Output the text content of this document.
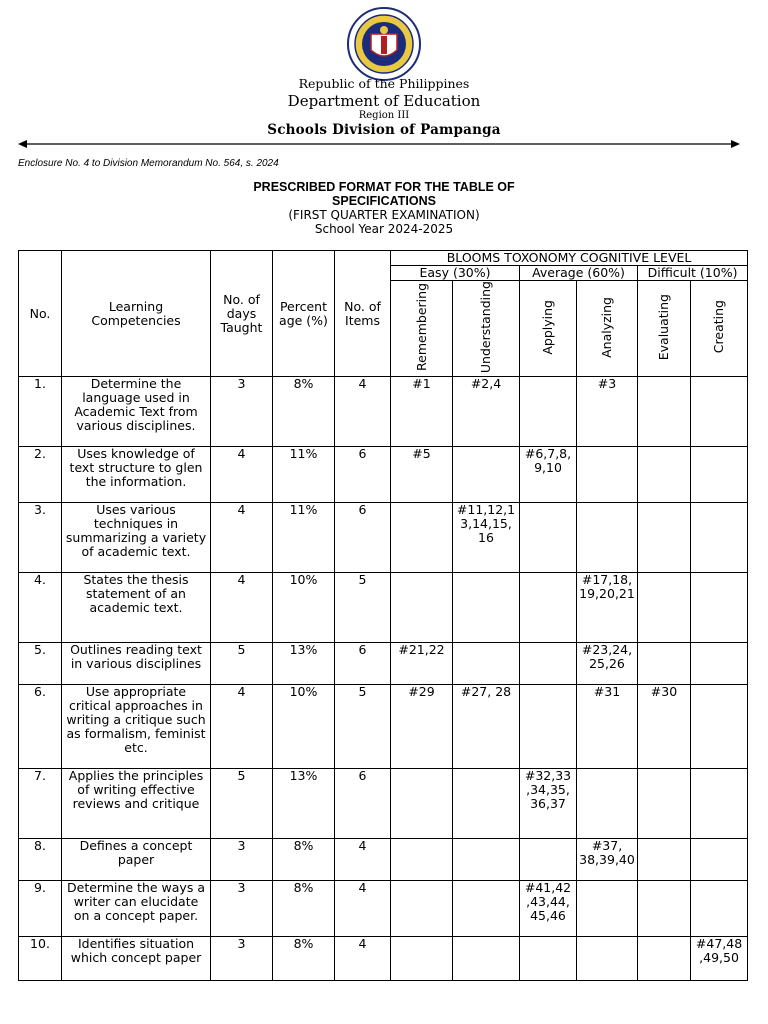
Republic of the Philippines
Department of Education
Region III
Schools Division of Pampanga
Enclosure No. 4 to Division Memorandum No. 564, s. 2024
PRESCRIBED FORMAT FOR THE TABLE OF
SPECIFICATIONS
(FIRST QUARTER EXAMINATION)
School Year 2024-2025
No.	Learning Competencies	No. of days Taught	Percent age (%)	No. of Items	BLOOMS TOXONOMY COGNITIVE LEVEL					
					Easy (30%)		Average (60%)		Difficult (10%)	
					Remembering	Understanding	Applying	Analyzing	Evaluating	Creating
1.	Determine the language used in Academic Text from various disciplines.	3	8%	4	#1	#2,4		#3		
2.	Uses knowledge of text structure to glen the information.	4	11%	6	#5		#6,7,8, 9,10			
3.	Uses various techniques in summarizing a variety of academic text.	4	11%	6		#11,12,1 3,14,15, 16				
4.	States the thesis statement of an academic text.	4	10%	5				#17,18, 19,20,21		
5.	Outlines reading text in various disciplines	5	13%	6	#21,22			#23,24, 25,26		
6.	Use appropriate critical approaches in writing a critique such as formalism, feminist etc.	4	10%	5	#29	#27, 28		#31	#30	
7.	Applies the principles of writing effective reviews and critique	5	13%	6			#32,33 ,34,35, 36,37			
8.	Defines a concept paper	3	8%	4				#37, 38,39,40		
9.	Determine the ways a writer can elucidate on a concept paper.	3	8%	4			#41,42 ,43,44, 45,46			
10.	Identifies situation which concept paper	3	8%	4						#47,48 ,49,50
